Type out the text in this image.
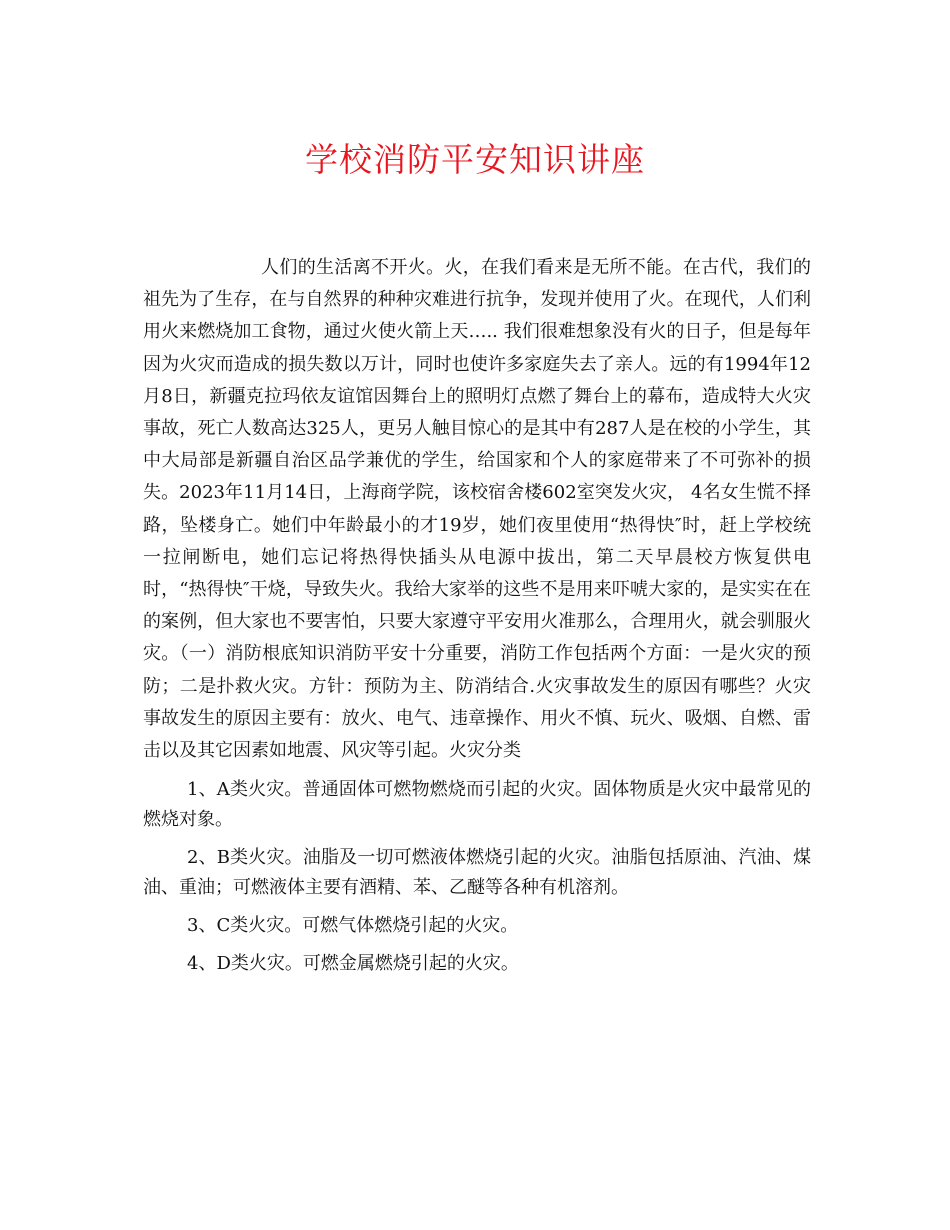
学校消防平安知识讲座

人们的生活离不开火。火，在我们看来是无所不能。在古代，我们的祖先为了生存，在与自然界的种种灾难进行抗争，发现并使用了火。在现代，人们利用火来燃烧加工食物，通过火使火箭上天….. 我们很难想象没有火的日子，但是每年因为火灾而造成的损失数以万计，同时也使许多家庭失去了亲人。远的有1994年12月8日，新疆克拉玛依友谊馆因舞台上的照明灯点燃了舞台上的幕布，造成特大火灾事故，死亡人数高达325人，更另人触目惊心的是其中有287人是在校的小学生，其中大局部是新疆自治区品学兼优的学生，给国家和个人的家庭带来了不可弥补的损失。2023年11月14日，上海商学院，该校宿舍楼602室突发火灾， 4名女生慌不择路，坠楼身亡。她们中年龄最小的才19岁，她们夜里使用“热得快″时，赶上学校统一拉闸断电，她们忘记将热得快插头从电源中拔出，第二天早晨校方恢复供电时，“热得快″干烧，导致失火。我给大家举的这些不是用来吓唬大家的，是实实在在的案例，但大家也不要害怕，只要大家遵守平安用火准那么，合理用火，就会驯服火灾。（一）消防根底知识消防平安十分重要，消防工作包括两个方面：一是火灾的预防；二是扑救火灾。方针：预防为主、防消结合.火灾事故发生的原因有哪些？火灾事故发生的原因主要有：放火、电气、违章操作、用火不慎、玩火、吸烟、自燃、雷击以及其它因素如地震、风灾等引起。火灾分类

1、A类火灾。普通固体可燃物燃烧而引起的火灾。固体物质是火灾中最常见的燃烧对象。

2、B类火灾。油脂及一切可燃液体燃烧引起的火灾。油脂包括原油、汽油、煤油、重油；可燃液体主要有酒精、苯、乙醚等各种有机溶剂。

3、C类火灾。可燃气体燃烧引起的火灾。

4、D类火灾。可燃金属燃烧引起的火灾。
